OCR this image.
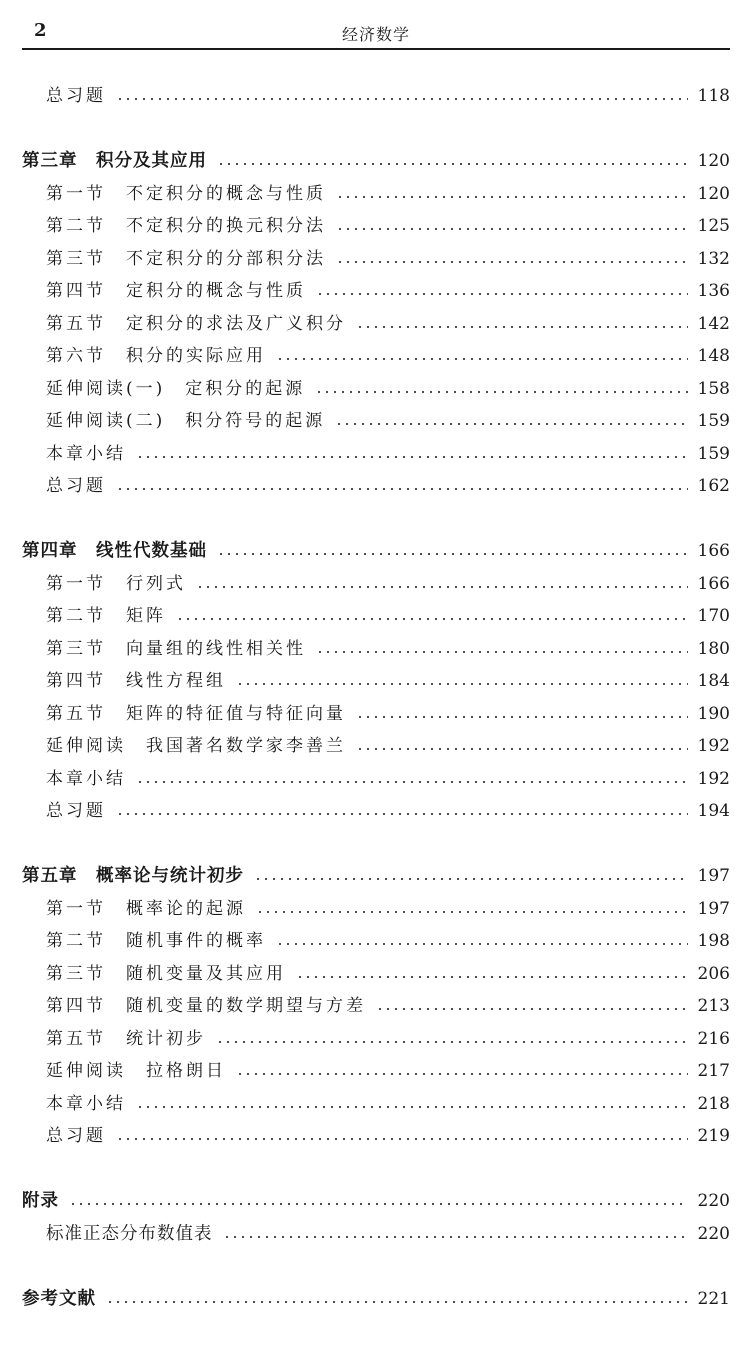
2	经济数学
总习题	118
第三章　积分及其应用	120
第一节　不定积分的概念与性质	120
第二节　不定积分的换元积分法	125
第三节　不定积分的分部积分法	132
第四节　定积分的概念与性质	136
第五节　定积分的求法及广义积分	142
第六节　积分的实际应用	148
延伸阅读(一)　定积分的起源	158
延伸阅读(二)　积分符号的起源	159
本章小结	159
总习题	162
第四章　线性代数基础	166
第一节　行列式	166
第二节　矩阵	170
第三节　向量组的线性相关性	180
第四节　线性方程组	184
第五节　矩阵的特征值与特征向量	190
延伸阅读　我国著名数学家李善兰	192
本章小结	192
总习题	194
第五章　概率论与统计初步	197
第一节　概率论的起源	197
第二节　随机事件的概率	198
第三节　随机变量及其应用	206
第四节　随机变量的数学期望与方差	213
第五节　统计初步	216
延伸阅读　拉格朗日	217
本章小结	218
总习题	219
附录	220
标准正态分布数值表	220
参考文献	221
